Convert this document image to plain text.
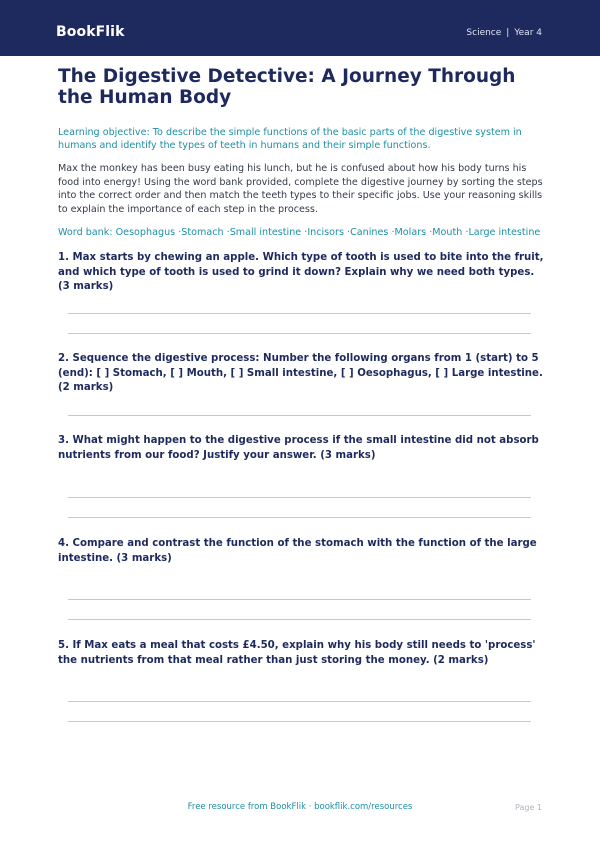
BookFlik	Science | Year 4
The Digestive Detective: A Journey Through the Human Body

Learning objective: To describe the simple functions of the basic parts of the digestive system in humans and identify the types of teeth in humans and their simple functions.

Max the monkey has been busy eating his lunch, but he is confused about how his body turns his food into energy! Using the word bank provided, complete the digestive journey by sorting the steps into the correct order and then match the teeth types to their specific jobs. Use your reasoning skills to explain the importance of each step in the process.

Word bank: Oesophagus · Stomach · Small intestine · Incisors · Canines · Molars · Mouth · Large intestine

1. Max starts by chewing an apple. Which type of tooth is used to bite into the fruit, and which type of tooth is used to grind it down? Explain why we need both types. (3 marks)
2. Sequence the digestive process: Number the following organs from 1 (start) to 5 (end): [ ] Stomach, [ ] Mouth, [ ] Small intestine, [ ] Oesophagus, [ ] Large intestine. (2 marks)
3. What might happen to the digestive process if the small intestine did not absorb nutrients from our food? Justify your answer. (3 marks)
4. Compare and contrast the function of the stomach with the function of the large intestine. (3 marks)
5. If Max eats a meal that costs £4.50, explain why his body still needs to 'process' the nutrients from that meal rather than just storing the money. (2 marks)
Free resource from BookFlik · bookflik.com/resources	Page 1
